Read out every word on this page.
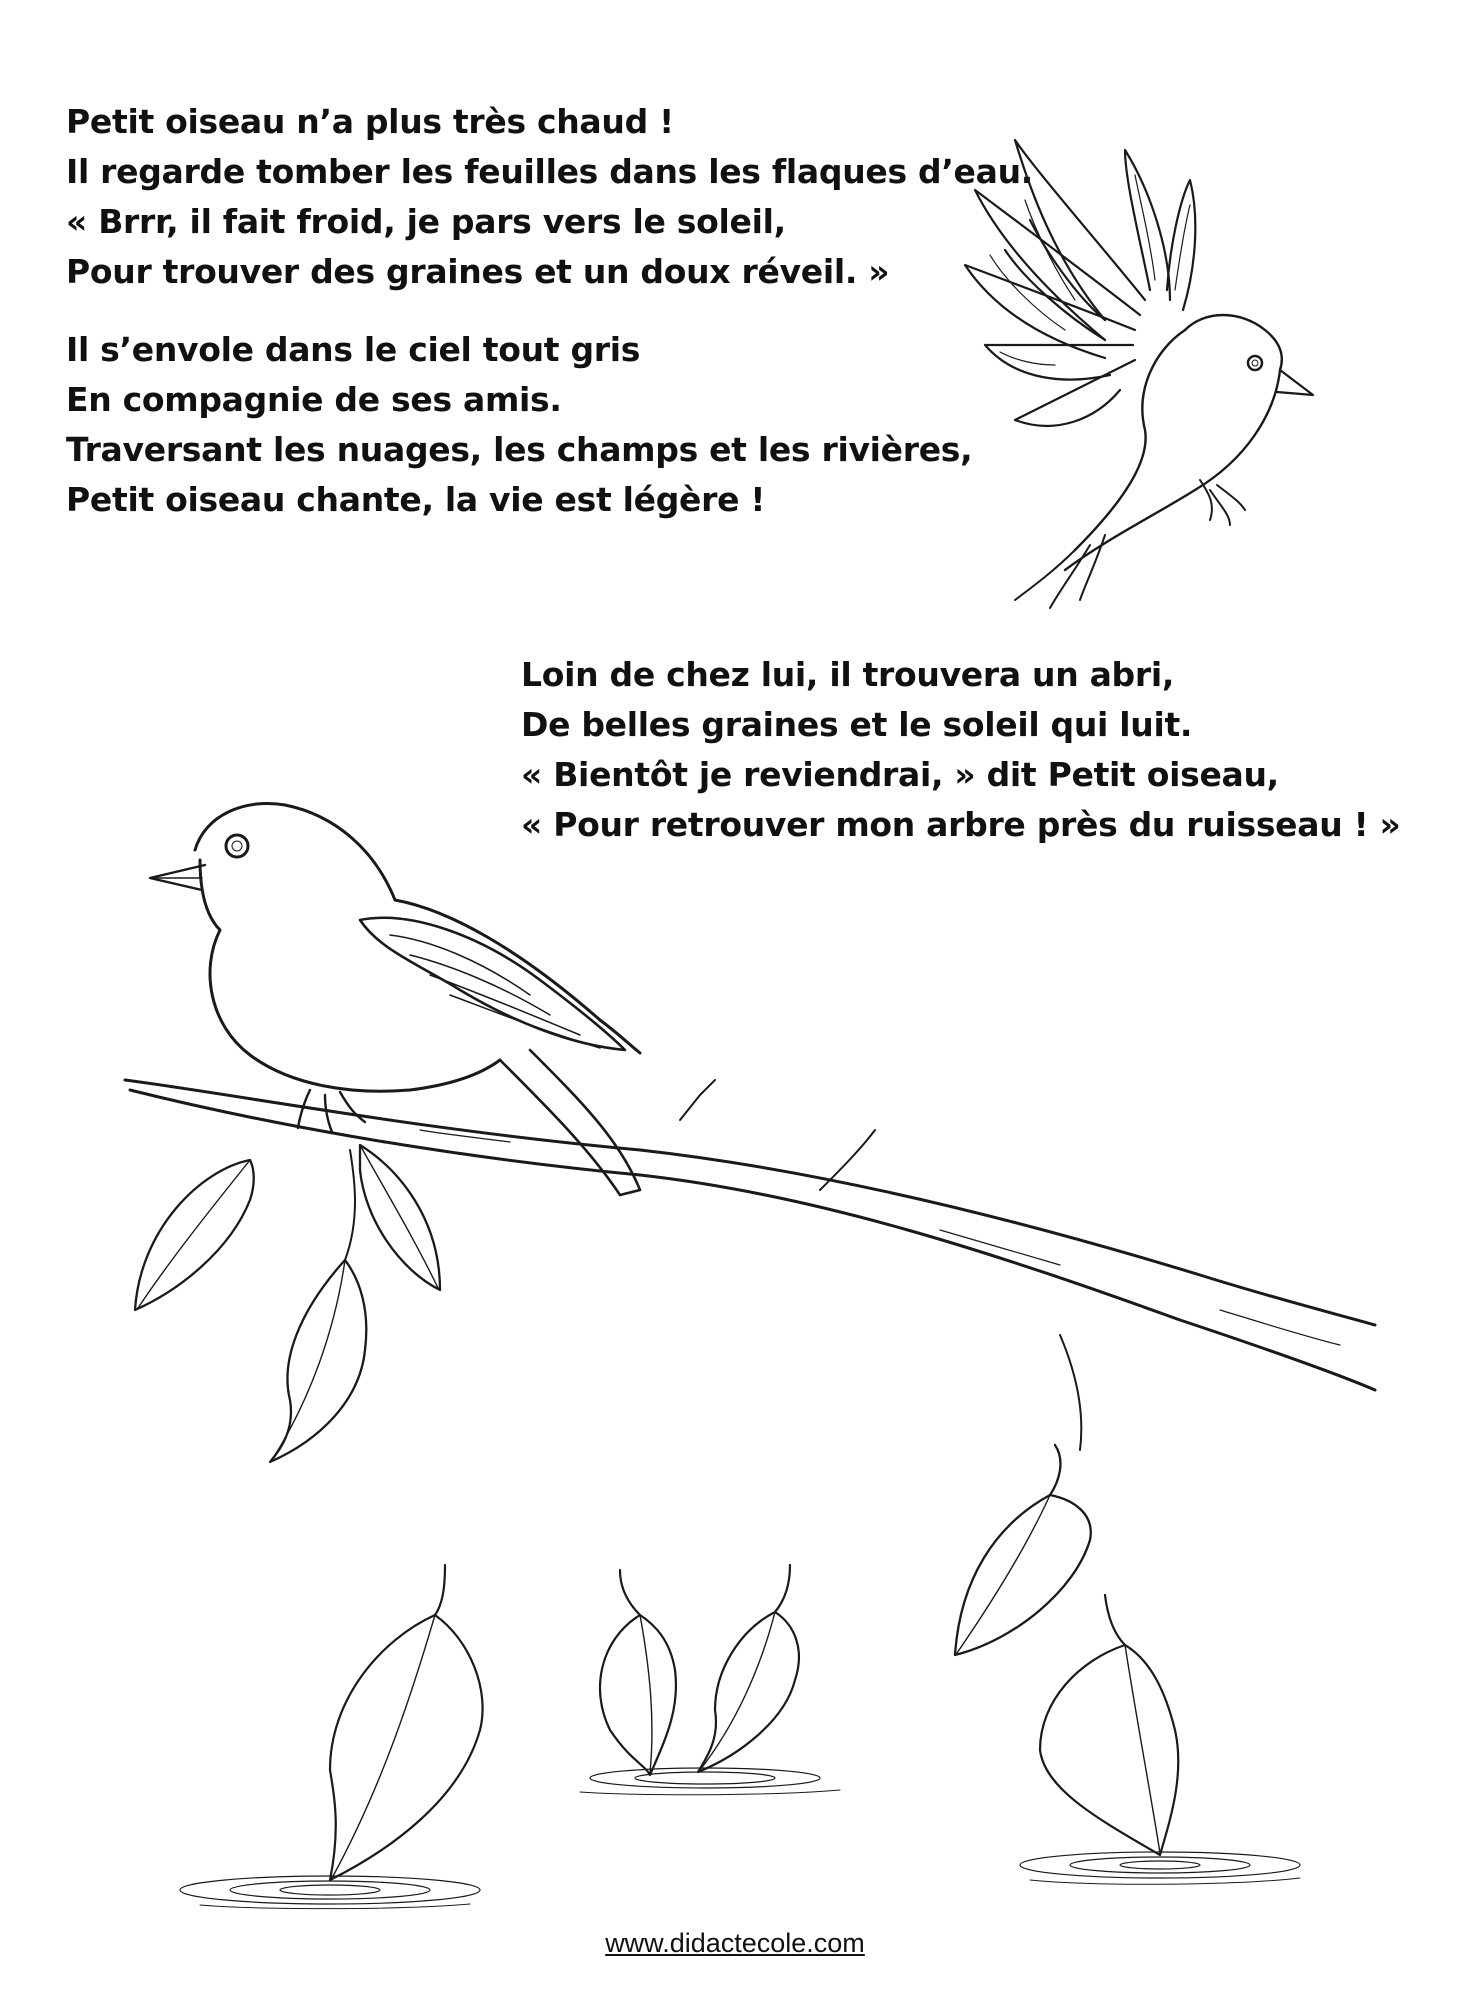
Petit oiseau n’a plus très chaud !
Il regarde tomber les feuilles dans les flaques d’eau.
« Brrr, il fait froid, je pars vers le soleil,
Pour trouver des graines et un doux réveil. »
Il s’envole dans le ciel tout gris
En compagnie de ses amis.
Traversant les nuages, les champs et les rivières,
Petit oiseau chante, la vie est légère !
Loin de chez lui, il trouvera un abri,
De belles graines et le soleil qui luit.
« Bientôt je reviendrai, » dit Petit oiseau,
« Pour retrouver mon arbre près du ruisseau ! »
www.didactecole.com
